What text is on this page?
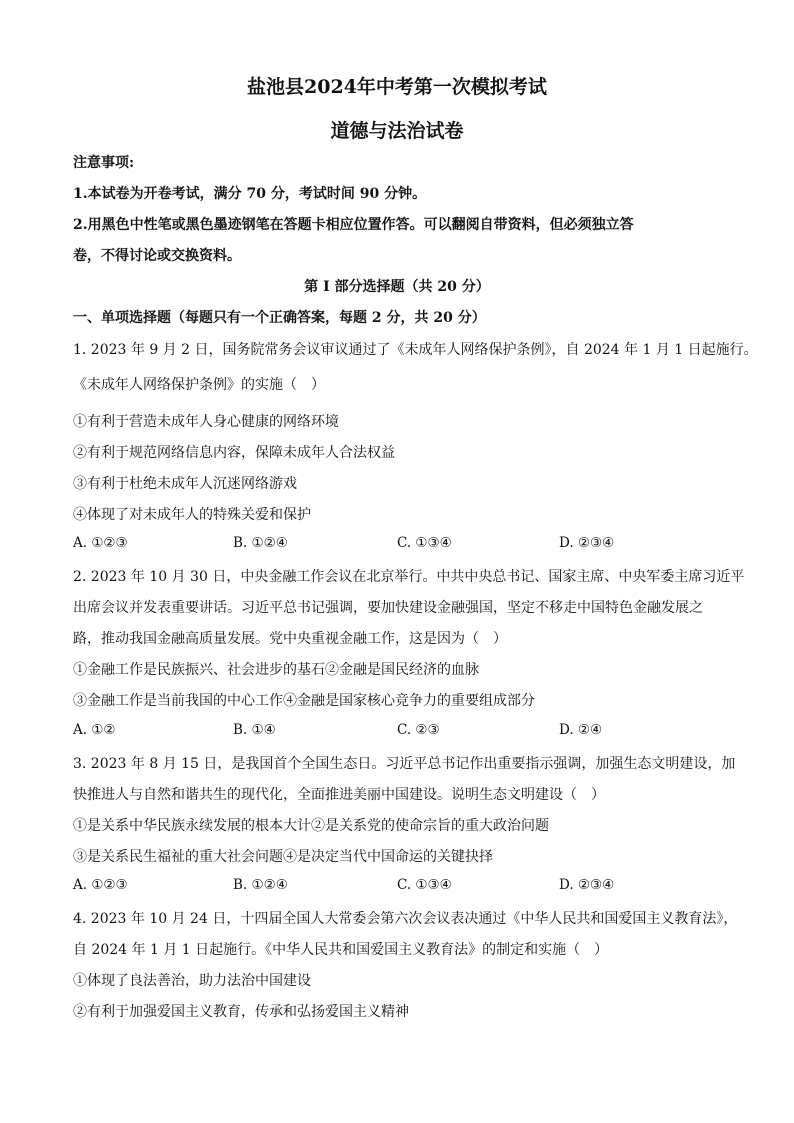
盐池县2024年中考第一次模拟考试
道德与法治试卷
注意事项:
1.本试卷为开卷考试，满分 70 分，考试时间 90 分钟。
2.用黑色中性笔或黑色墨迹钢笔在答题卡相应位置作答。可以翻阅自带资料，但必须独立答
卷，不得讨论或交换资料。
第 I 部分选择题（共 20 分）
一、单项选择题（每题只有一个正确答案，每题 2 分，共 20 分）
1. 2023 年 9 月 2 日，国务院常务会议审议通过了《未成年人网络保护条例》，自 2024 年 1 月 1 日起施行。
《未成年人网络保护条例》的实施（　）
①有利于营造未成年人身心健康的网络环境
②有利于规范网络信息内容，保障未成年人合法权益
③有利于杜绝未成年人沉迷网络游戏
④体现了对未成年人的特殊关爱和保护
A. ①②③	B. ①②④	C. ①③④	D. ②③④
2. 2023 年 10 月 30 日，中央金融工作会议在北京举行。中共中央总书记、国家主席、中央军委主席习近平
出席会议并发表重要讲话。习近平总书记强调，要加快建设金融强国，坚定不移走中国特色金融发展之
路，推动我国金融高质量发展。党中央重视金融工作，这是因为（　）
①金融工作是民族振兴、社会进步的基石②金融是国民经济的血脉
③金融工作是当前我国的中心工作④金融是国家核心竞争力的重要组成部分
A. ①②	B. ①④	C. ②③	D. ②④
3. 2023 年 8 月 15 日，是我国首个全国生态日。习近平总书记作出重要指示强调，加强生态文明建设，加
快推进人与自然和谐共生的现代化，全面推进美丽中国建设。说明生态文明建设（　）
①是关系中华民族永续发展的根本大计②是关系党的使命宗旨的重大政治问题
③是关系民生福祉的重大社会问题④是决定当代中国命运的关键抉择
A. ①②③	B. ①②④	C. ①③④	D. ②③④
4. 2023 年 10 月 24 日，十四届全国人大常委会第六次会议表决通过《中华人民共和国爱国主义教育法》，
自 2024 年 1 月 1 日起施行。《中华人民共和国爱国主义教育法》的制定和实施（　）
①体现了良法善治，助力法治中国建设
②有利于加强爱国主义教育，传承和弘扬爱国主义精神
